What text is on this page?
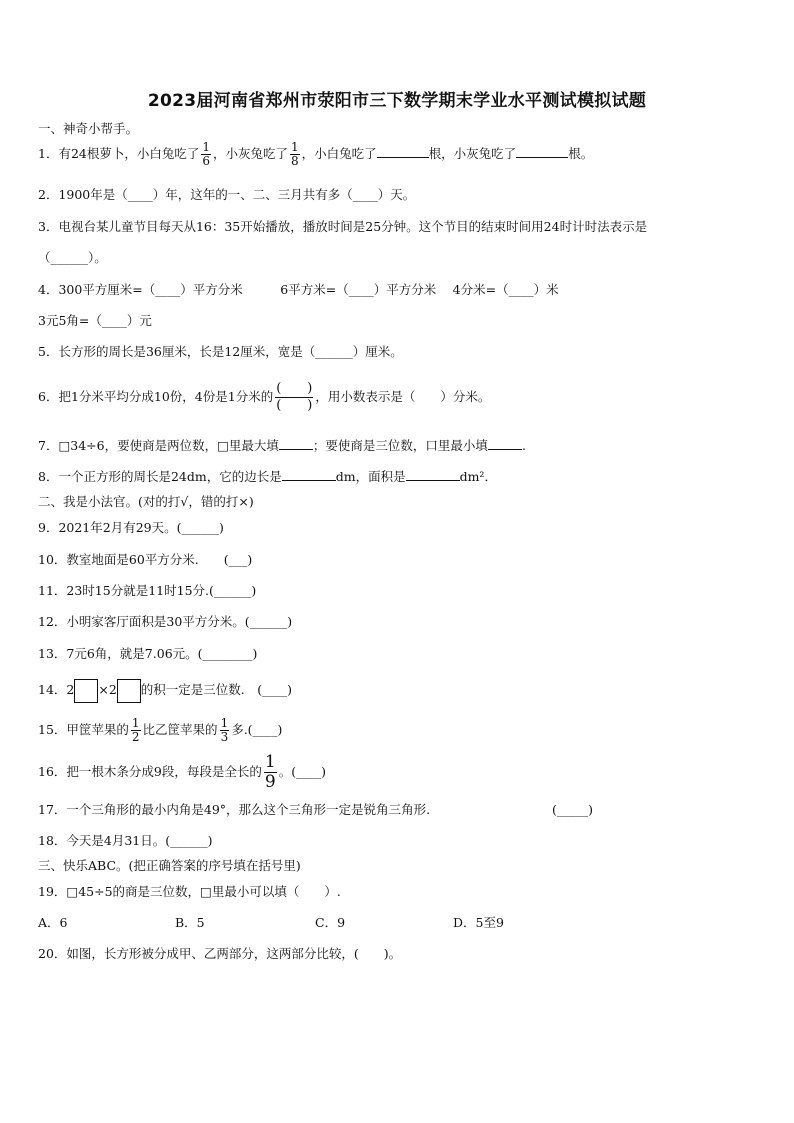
2023届河南省郑州市荥阳市三下数学期末学业水平测试模拟试题
一、神奇小帮手。
1．有24根萝卜，小白兔吃了 $\frac{1}{6}$ ，小灰兔吃了 $\frac{1}{8}$ ，小白兔吃了	根，小灰兔吃了	根。
2．1900年是（____）年，这年的一、二、三月共有多（____）天。
3．电视台某儿童节目每天从16：35开始播放，播放时间是25分钟。这个节目的结束时间用24时计时法表示是
（______）。
4．300平方厘米=（____）平方分米　　　6平方米=（____）平方分米　 4分米=（____）米
3元5角=（____）元
5．长方形的周长是36厘米，长是12厘米，宽是（______）厘米。
6．把1分米平均分成10份，4份是1分米的 $\frac{( )}{( )}$ ，用小数表示是（　　）分米。
7．□34÷6，要使商是两位数，□里最大填	；要使商是三位数，口里最小填	.
8．一个正方形的周长是24dm，它的边长是	dm，面积是	dm²．
二、我是小法官。(对的打√，错的打×)
9．2021年2月有29天。(______)
10．教室地面是60平方分米.　　(___)
11．23时15分就是11时15分.(______)
12．小明家客厅面积是30平方分米。(______)
13．7元6角，就是7.06元。(________)
14．2 ×2 的积一定是三位数.　(____)
15．甲筐苹果的 $\frac{1}{2}$ 比乙筐苹果的 $\frac{1}{3}$ 多.(____)
16．把一根木条分成9段，每段是全长的 $\frac{1}{9}$ 。(____)
17．一个三角形的最小内角是49°，那么这个三角形一定是锐角三角形.	(_____)
18．今天是4月31日。(______)
三、快乐ABC。(把正确答案的序号填在括号里)
19．□45÷5的商是三位数，□里最小可以填（　　）.
A．6	B．5	C．9	D．5至9
20．如图，长方形被分成甲、乙两部分，这两部分比较，(　　)。
